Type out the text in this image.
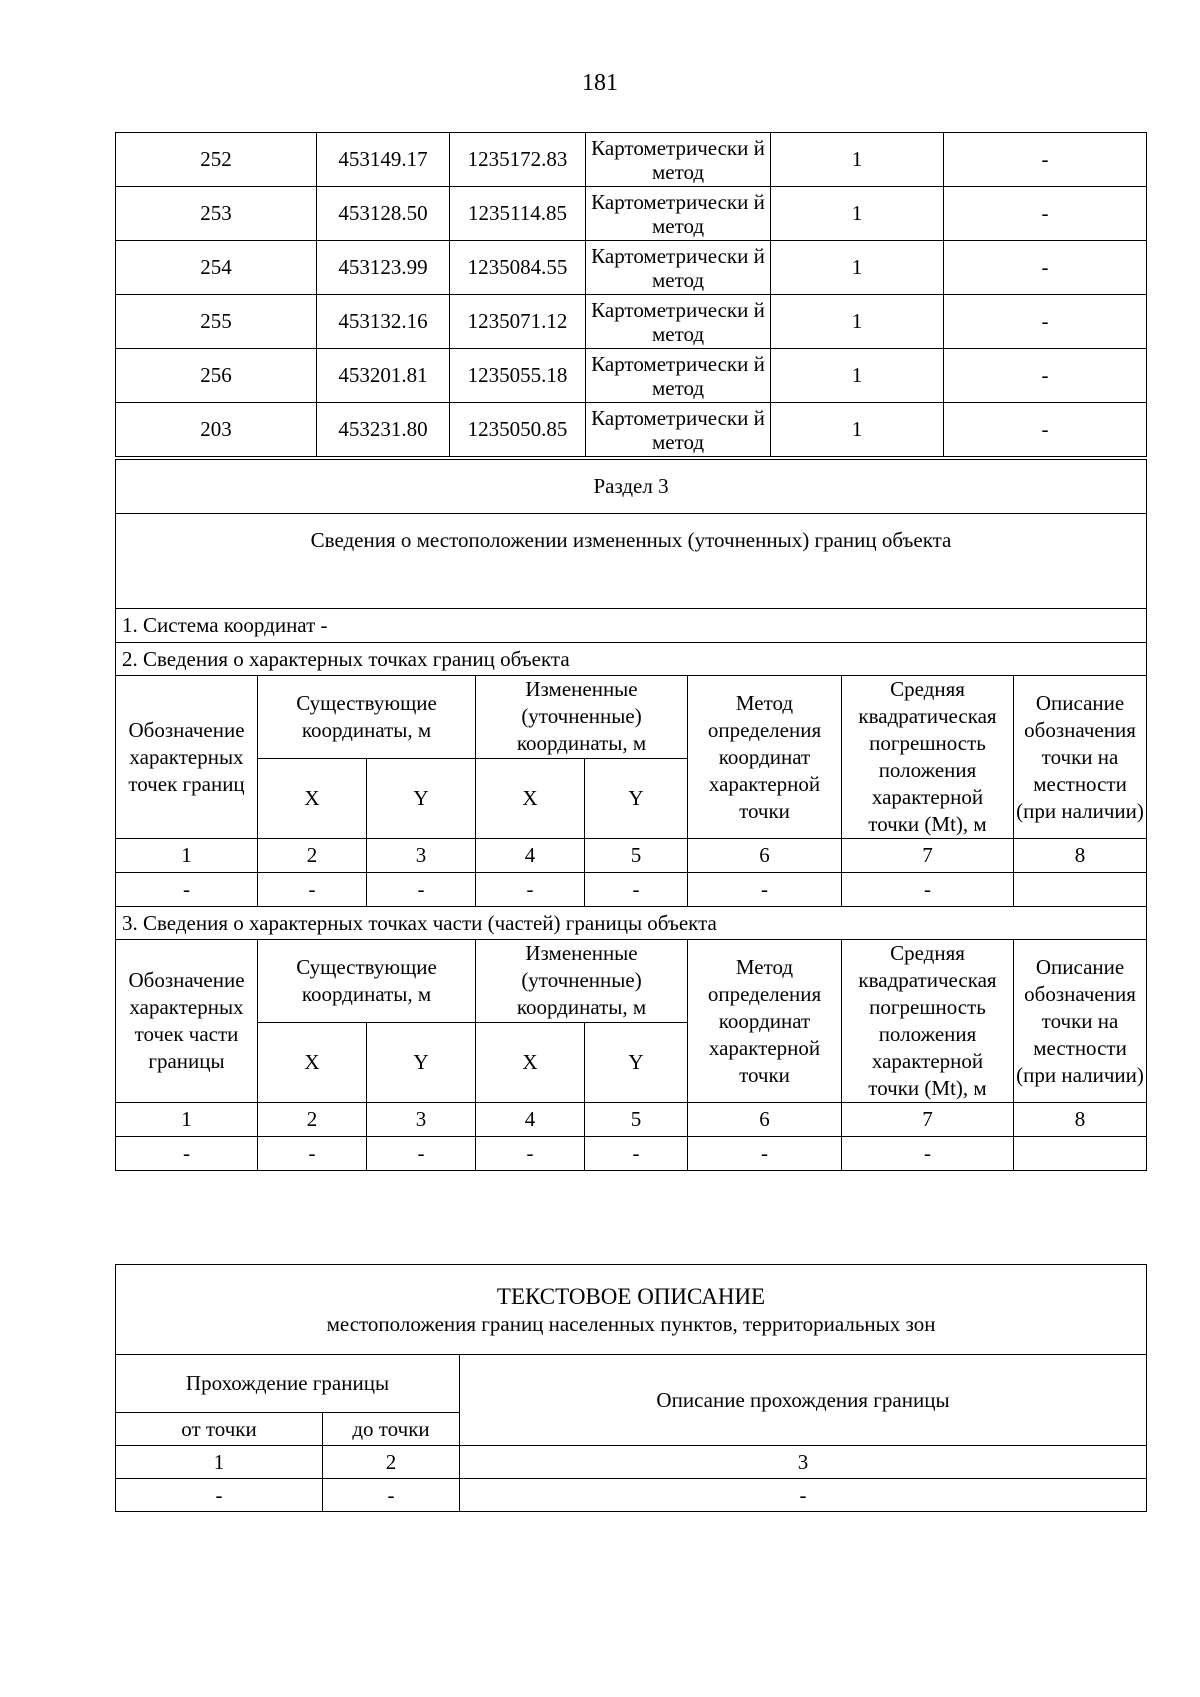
181
252	453149.17	1235172.83	Картометрически й метод	1	-
253	453128.50	1235114.85	Картометрически й метод	1	-
254	453123.99	1235084.55	Картометрически й метод	1	-
255	453132.16	1235071.12	Картометрически й метод	1	-
256	453201.81	1235055.18	Картометрически й метод	1	-
203	453231.80	1235050.85	Картометрически й метод	1	-
Раздел 3							
Сведения о местоположении измененных (уточненных) границ объекта							
1. Система координат -							
2. Сведения о характерных точках границ объекта							
Обозначение характерных точек границ	Существующие координаты, м		Измененные (уточненные) координаты, м		Метод определения координат характерной точки	Средняя квадратическая погрешность положения характерной точки (Mt), м	Описание обозначения точки на местности (при наличии)
	X	Y	X	Y			
1	2	3	4	5	6	7	8
-	-	-	-	-	-	-	
3. Сведения о характерных точках части (частей) границы объекта							
Обозначение характерных точек части границы	Существующие координаты, м		Измененные (уточненные) координаты, м		Метод определения координат характерной точки	Средняя квадратическая погрешность положения характерной точки (Mt), м	Описание обозначения точки на местности (при наличии)
	X	Y	X	Y			
1	2	3	4	5	6	7	8
-	-	-	-	-	-	-	
ТЕКСТОВОЕ ОПИСАНИЕ
местоположения границ населенных пунктов, территориальных зон		

Прохождение границы		Описание прохождения границы
от точки	до точки	
1	2	3
-	-	-
